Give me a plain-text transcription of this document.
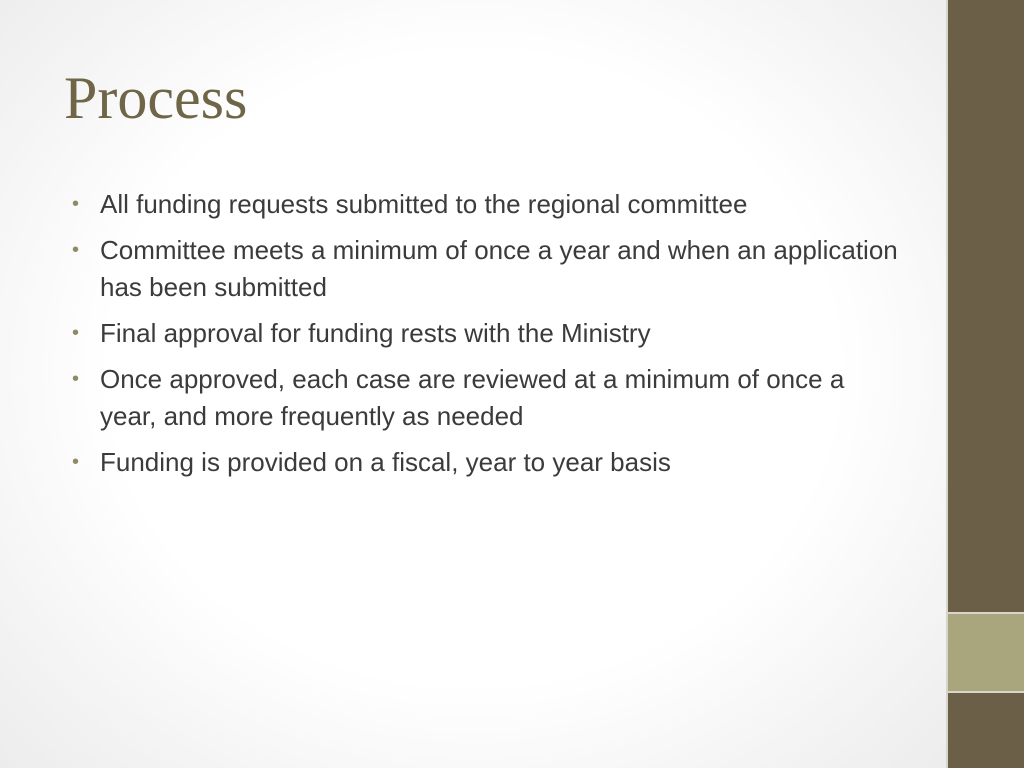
Process
• All funding requests submitted to the regional committee
• Committee meets a minimum of once a year and when an application has been submitted
• Final approval for funding rests with the Ministry
• Once approved, each case are reviewed at a minimum of once a year, and more frequently as needed
• Funding is provided on a fiscal, year to year basis
